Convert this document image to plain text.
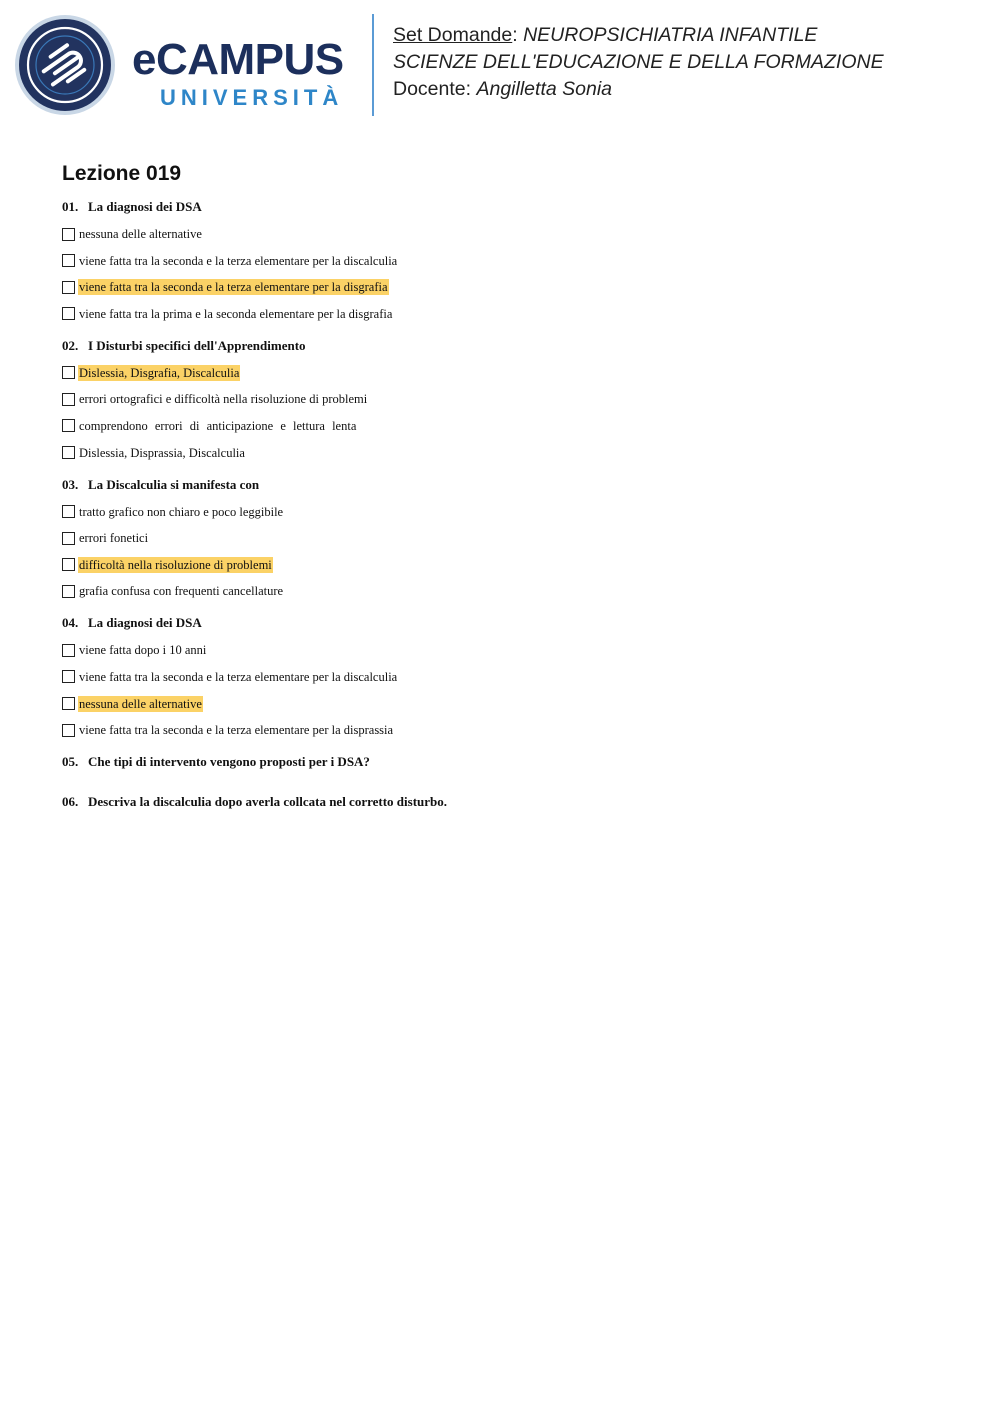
eCAMPUS
UNIVERSITÀ
Set Domande: NEUROPSICHIATRIA INFANTILE
SCIENZE DELL'EDUCAZIONE E DELLA FORMAZIONE
Docente: Angilletta Sonia
Lezione 019
01. La diagnosi dei DSA
nessuna delle alternative
viene fatta tra la seconda e la terza elementare per la discalculia
viene fatta tra la seconda e la terza elementare per la disgrafia
viene fatta tra la prima e la seconda elementare per la disgrafia
02. I Disturbi specifici dell'Apprendimento
Dislessia, Disgrafia, Discalculia
errori ortografici e difficoltà nella risoluzione di problemi
comprendono errori di anticipazione e lettura lenta
Dislessia, Disprassia, Discalculia
03. La Discalculia si manifesta con
tratto grafico non chiaro e poco leggibile
errori fonetici
difficoltà nella risoluzione di problemi
grafia confusa con frequenti cancellature
04. La diagnosi dei DSA
viene fatta dopo i 10 anni
viene fatta tra la seconda e la terza elementare per la discalculia
nessuna delle alternative
viene fatta tra la seconda e la terza elementare per la disprassia
05. Che tipi di intervento vengono proposti per i DSA?
06. Descriva la discalculia dopo averla collcata nel corretto disturbo.
